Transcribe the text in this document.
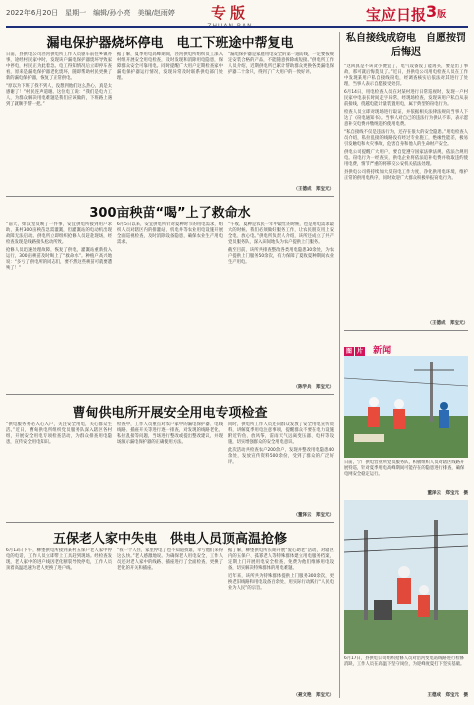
2022年6月20日　星期一　编辑/孙小亮　美编/赵雨婷	专版	宝应日报 3版
漏电保护器烧坏停电　电工下班途中帮复电

日前，县供电公司泾河供电所工作人员驱车前往乡镇办事，途经村民家中时，发现该户漏电保护器烧坏导致家中停电，村民正为此着急。电工得知情况后立即停车查看，原来是漏电保护器老化烧坏，随即帮助村民更换了新的漏电保护器，恢复了正常供电。

“原以为下班了找不到人，没想到他们这么热心，真是太感谢了！”村民连声道谢。这位电工说：“我们是电力工人，为群众解决用电难题是我们应该做的，下班路上遇到了就顺手帮一把。”

据了解，夏季用电高峰期间，泾河供电所组织员工深入村组开展安全用电检查，及时发现和消除用电隐患，保障群众安全可靠用电。同时提醒广大用户定期检查家中漏电保护器运行情况，发现异常及时联系供电部门处理。

“漏电保护器是家庭用电安全的第一道防线，一定要按规定安装合格的产品，不能随意拆除或短接。”供电所工作人员介绍，近期供电所已累计帮助群众更换各类漏电保护器二十余只，得到了广大用户的一致好评。

（王德成　郑宝元）
300亩秧苗“喝”上了救命水

“前天，柴汉堂反映了一件事，安宜供电所接到用户求助，某村300亩秧苗急需灌溉，但灌溉站的电动机出现故障无法启动。供电所立即组织抢修人员赶赴现场，经检查发现是线路接头松动所致。

抢修人员迅速处理故障，恢复了供电，灌溉站重新投入运行，300亩秧苗及时喝上了“救命水”。种植户高兴地说：“多亏了供电所的同志们，要不然这些秧苗可就要遭殃了！”

6月5日以来，安宜供电所针对夏种时节的用电需求，组织人员对辖区内的排灌站、机电井等农业用电设施开展全面巡视检查，及时消除设备隐患，确保农业生产用电需求。

“午收、夏种是农民一年中最忙的时候，也是用电需求最大的时候。我们必须做好服务工作，让农民朋友用上安全电、放心电。”供电所负责人介绍，该所还成立了共产党员服务队，深入田间地头为农户提供上门服务。

截至目前，该所共排查整改各类用电隐患30余处，为农户提供上门服务50余次，有力保障了夏收夏种期间农业生产用电。

（陈学兵　郑宝元）
曹甸供电所开展安全用电专项检查

“供电服务务必入心入户，关注安全用电，关心群众生活。”近日，曹甸供电所组织党员服务队深入辖区各村组，开展安全用电专项检查活动，为群众排查用电隐患，宣传安全用电知识。

检查中，工作人员重点对农户家中的漏电保护器、电线线路、插座开关等进行逐一排查，对发现的线路老化、私拉乱接等问题，当场进行整改或提出整改建议，并现场演示漏电保护器的正确使用方法。

同时，供电所工作人员还向群众发放了安全用电宣传资料，讲解夏季用电注意事项，提醒群众不要在电力设施附近钓鱼、放风筝，雷雨天气远离变压器、电杆等设施，切实增强群众的安全用电意识。

此次活动共检查农户200余户，发现并整改用电隐患40余处，发放宣传资料500余份，受到了群众的广泛好评。

（董泽云　郑宝元）
五保老人家中失电　供电人员顶高温抢修

6月13日下午，柳堡供电所接到某村五保户老人家中停电的电话，工作人员立即带上工具赶到现场。经检查发现，老人家中的进户线因老化断裂导致停电，工作人员顶着高温迅速为老人更换了进户线。

“我一个人住，家里停电了也不知道找谁，幸亏他们来得这么快。”老人感激地说。为确保老人用电安全，工作人员还对老人家中的线路、插座进行了全面检查，更换了老化的开关和插座。

据了解，柳堡供电所长期开展“爱心助老”活动，对辖区内的五保户、孤寡老人等特殊群体建立用电服务档案，定期上门开展用电安全检查，免费为他们维修用电设备，切实解决特殊群体的用电难题。

近年来，该所共为特殊群体提供上门服务300余次，更换老旧线路和用电设备百余处，用实际行动践行“人民电业为人民”的宗旨。

（聂文艳　郑宝元）
私自接线成窃电　自愿按罚后悔迟

“这回真是不该贪小便宜了，电气设备没了能再买，要是出了事故，那可就后悔莫及了。”近日，县供电公司用电检查人员在工作中发现某用户私自接线窃电，经调查核实后依法对其进行了处理，当事人表示自愿接受处罚。

6月14日，用电检查人员在对某村进行日常巡视时，发现一户村民家中电表长时间走字异常，经现场检查，发现该用户私自从表前接线，绕越电能计量装置用电，属于典型的窃电行为。

检查人员立即对现场进行取证，并依据相关法律法规向当事人下达了《窃电通知书》。当事人对自己的违法行为供认不讳，表示愿意补交电费并缴纳违约使用电费。

“私自接线不仅是违法行为，还存在很大的安全隐患。”用电检查人员介绍，私拉乱接的线路没有经过专业施工，绝缘性能差，极易引发触电和火灾事故，危害自身和他人的生命财产安全。

供电公司提醒广大用户，要自觉遵守国家法律法规，依法合规用电。窃电行为一经查实，供电企业将依法追补电费并收取违约使用电费，情节严重的将移交公安机关依法处理。

县供电公司将持续加大反窃电工作力度，净化供用电环境，维护正常的供用电秩序，同时欢迎广大群众积极举报窃电行为。

（王德成　郑宝元）
图 片 新闻
日前，宁广供电营业所党员服务队，积极组织人员对辖区线路开展特巡，针对夏季用电高峰期间可能存在的隐患进行排查，确保电网安全稳定运行。
董泽云　郑宝元　摄
6月17日，县供电公司组织抢修人员对沿河变电站线路进行检修消缺，工作人员在高温下坚守岗位，为迎峰度夏打下坚实基础。
王德成　郑宝元　摄
